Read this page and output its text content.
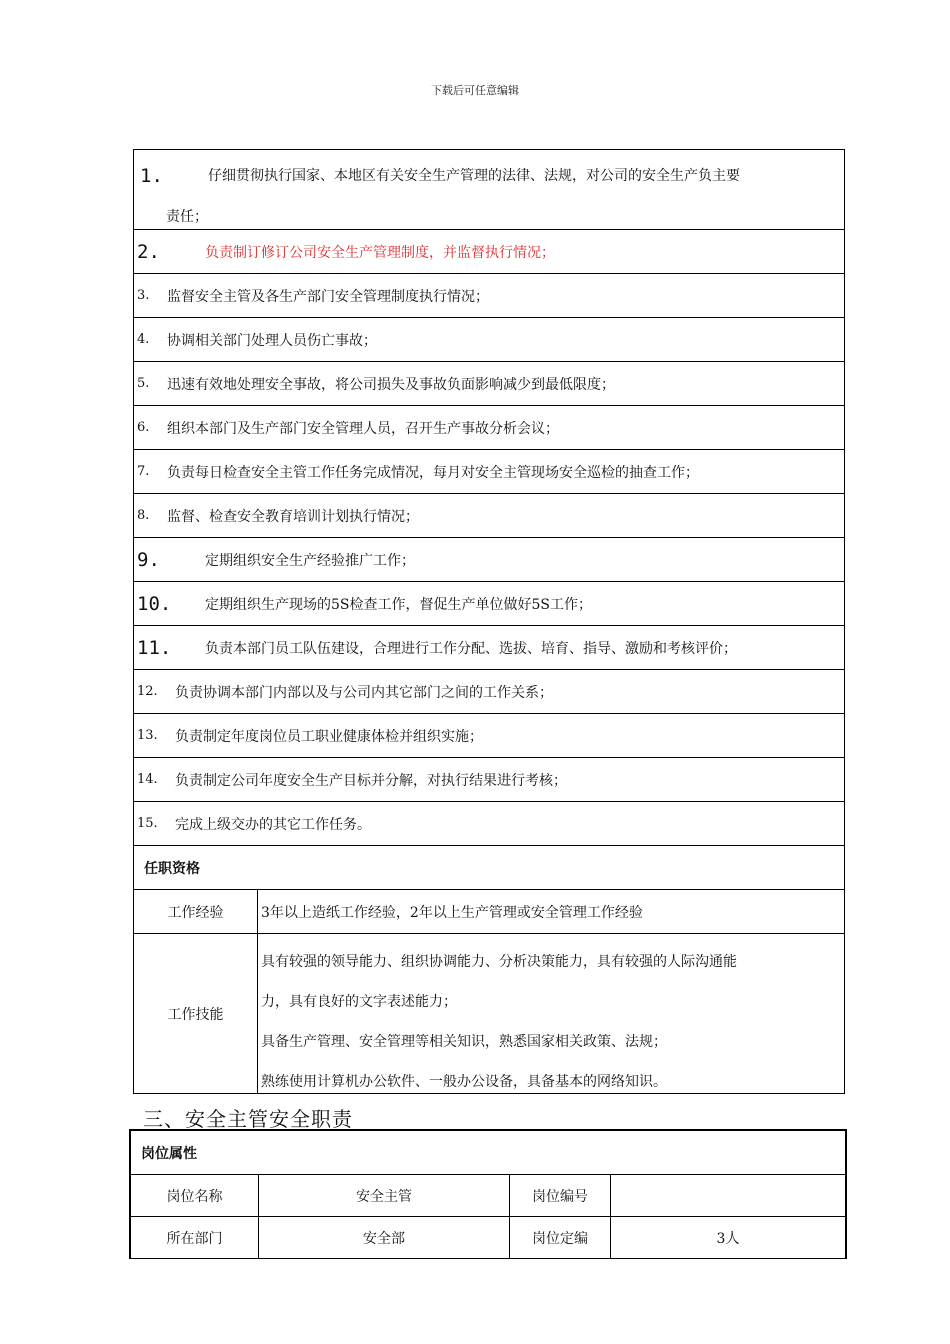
下载后可任意编辑
1.	仔细贯彻执行国家、本地区有关安全生产管理的法律、法规，对公司的安全生产负主要
责任；
2.	负责制订修订公司安全生产管理制度，并监督执行情况；
3.	监督安全主管及各生产部门安全管理制度执行情况；
4.	协调相关部门处理人员伤亡事故；
5.	迅速有效地处理安全事故，将公司损失及事故负面影响减少到最低限度；
6.	组织本部门及生产部门安全管理人员，召开生产事故分析会议；
7.	负责每日检查安全主管工作任务完成情况，每月对安全主管现场安全巡检的抽查工作；
8.	监督、检查安全教育培训计划执行情况；
9.	定期组织安全生产经验推广工作；
10.	定期组织生产现场的5S检查工作，督促生产单位做好5S工作；
11.	负责本部门员工队伍建设，合理进行工作分配、选拔、培育、指导、激励和考核评价；
12.	负责协调本部门内部以及与公司内其它部门之间的工作关系；
13.	负责制定年度岗位员工职业健康体检并组织实施；
14.	负责制定公司年度安全生产目标并分解，对执行结果进行考核；
15.	完成上级交办的其它工作任务。
任职资格
工作经验	3年以上造纸工作经验，2年以上生产管理或安全管理工作经验
工作技能
具有较强的领导能力、组织协调能力、分析决策能力，具有较强的人际沟通能
力，具有良好的文字表述能力；
具备生产管理、安全管理等相关知识，熟悉国家相关政策、法规；
熟练使用计算机办公软件、一般办公设备，具备基本的网络知识。
三、安全主管安全职责
岗位属性
岗位名称	安全主管	岗位编号
所在部门	安全部	岗位定编	3人
